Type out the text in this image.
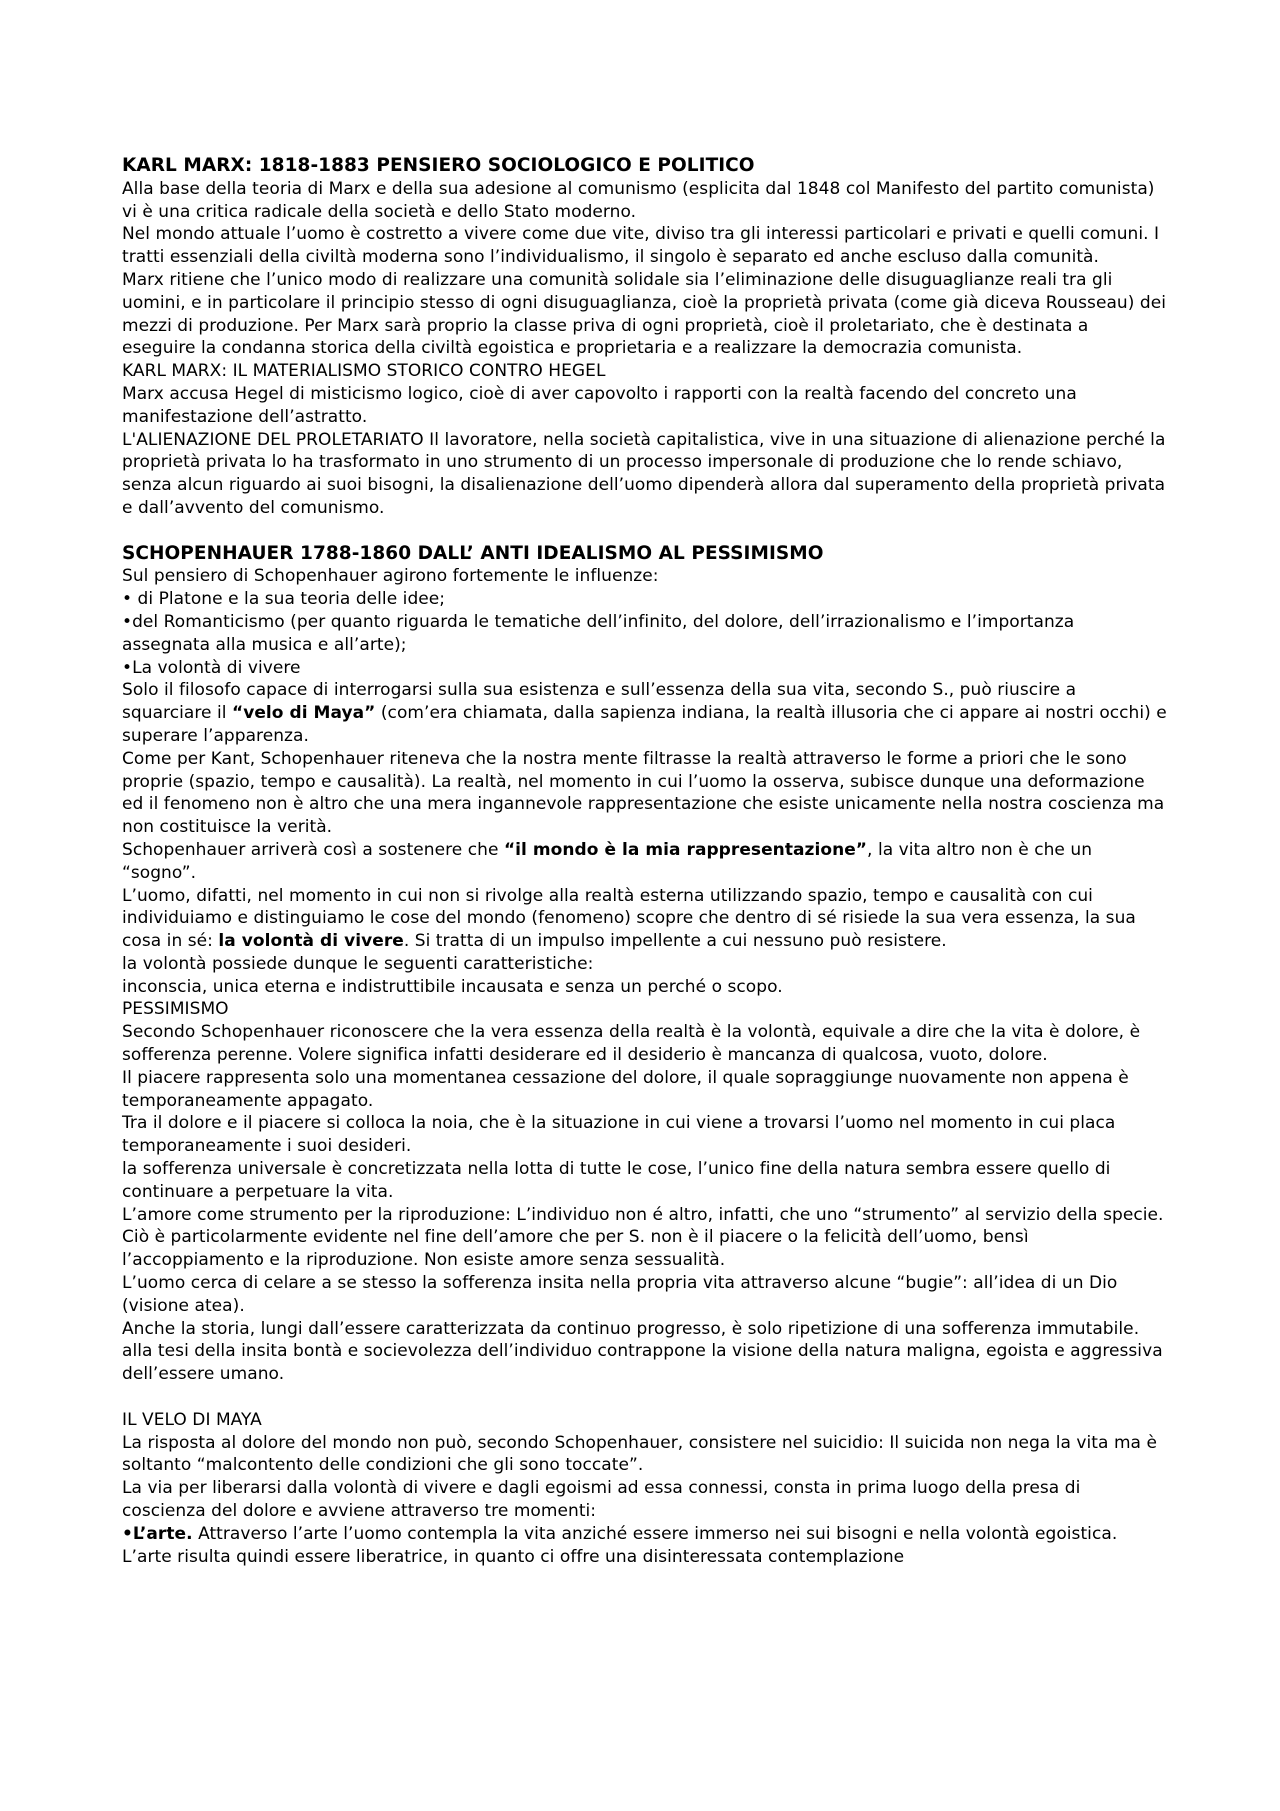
KARL MARX: 1818-1883 PENSIERO SOCIOLOGICO E POLITICO

Alla base della teoria di Marx e della sua adesione al comunismo (esplicita dal 1848 col Manifesto del partito comunista) vi è una critica radicale della società e dello Stato moderno.

Nel mondo attuale l’uomo è costretto a vivere come due vite, diviso tra gli interessi particolari e privati e quelli comuni. I tratti essenziali della civiltà moderna sono l’individualismo, il singolo è separato ed anche escluso dalla comunità.

Marx ritiene che l’unico modo di realizzare una comunità solidale sia l’eliminazione delle disuguaglianze reali tra gli uomini, e in particolare il principio stesso di ogni disuguaglianza, cioè la proprietà privata (come già diceva Rousseau) dei mezzi di produzione. Per Marx sarà proprio la classe priva di ogni proprietà, cioè il proletariato, che è destinata a eseguire la condanna storica della civiltà egoistica e proprietaria e a realizzare la democrazia comunista.

KARL MARX: IL MATERIALISMO STORICO CONTRO HEGEL

Marx accusa Hegel di misticismo logico, cioè di aver capovolto i rapporti con la realtà facendo del concreto una manifestazione dell’astratto.

L'ALIENAZIONE DEL PROLETARIATO Il lavoratore, nella società capitalistica, vive in una situazione di alienazione perché la proprietà privata lo ha trasformato in uno strumento di un processo impersonale di produzione che lo rende schiavo, senza alcun riguardo ai suoi bisogni, la disalienazione dell’uomo dipenderà allora dal superamento della proprietà privata e dall’avvento del comunismo.

SCHOPENHAUER 1788-1860 DALL’ ANTI IDEALISMO AL PESSIMISMO

Sul pensiero di Schopenhauer agirono fortemente le influenze:

• di Platone e la sua teoria delle idee;

•del Romanticismo (per quanto riguarda le tematiche dell’infinito, del dolore, dell’irrazionalismo e l’importanza assegnata alla musica e all’arte);

•La volontà di vivere

Solo il filosofo capace di interrogarsi sulla sua esistenza e sull’essenza della sua vita, secondo S., può riuscire a squarciare il “velo di Maya” (com’era chiamata, dalla sapienza indiana, la realtà illusoria che ci appare ai nostri occhi) e superare l’apparenza.

Come per Kant, Schopenhauer riteneva che la nostra mente filtrasse la realtà attraverso le forme a priori che le sono proprie (spazio, tempo e causalità). La realtà, nel momento in cui l’uomo la osserva, subisce dunque una deformazione ed il fenomeno non è altro che una mera ingannevole rappresentazione che esiste unicamente nella nostra coscienza ma non costituisce la verità.

Schopenhauer arriverà così a sostenere che “il mondo è la mia rappresentazione”, la vita altro non è che un “sogno”.

L’uomo, difatti, nel momento in cui non si rivolge alla realtà esterna utilizzando spazio, tempo e causalità con cui individuiamo e distinguiamo le cose del mondo (fenomeno) scopre che dentro di sé risiede la sua vera essenza, la sua cosa in sé: la volontà di vivere. Si tratta di un impulso impellente a cui nessuno può resistere.

la volontà possiede dunque le seguenti caratteristiche:

inconscia, unica eterna e indistruttibile incausata e senza un perché o scopo.

PESSIMISMO

Secondo Schopenhauer riconoscere che la vera essenza della realtà è la volontà, equivale a dire che la vita è dolore, è sofferenza perenne. Volere significa infatti desiderare ed il desiderio è mancanza di qualcosa, vuoto, dolore.

Il piacere rappresenta solo una momentanea cessazione del dolore, il quale sopraggiunge nuovamente non appena è temporaneamente appagato.

Tra il dolore e il piacere si colloca la noia, che è la situazione in cui viene a trovarsi l’uomo nel momento in cui placa temporaneamente i suoi desideri.

la sofferenza universale è concretizzata nella lotta di tutte le cose, l’unico fine della natura sembra essere quello di continuare a perpetuare la vita.

L’amore come strumento per la riproduzione: L’individuo non é altro, infatti, che uno “strumento” al servizio della specie. Ciò è particolarmente evidente nel fine dell’amore che per S. non è il piacere o la felicità dell’uomo, bensì l’accoppiamento e la riproduzione. Non esiste amore senza sessualità.

L’uomo cerca di celare a se stesso la sofferenza insita nella propria vita attraverso alcune “bugie”: all’idea di un Dio (visione atea).

Anche la storia, lungi dall’essere caratterizzata da continuo progresso, è solo ripetizione di una sofferenza immutabile.

alla tesi della insita bontà e socievolezza dell’individuo contrappone la visione della natura maligna, egoista e aggressiva dell’essere umano.

IL VELO DI MAYA

La risposta al dolore del mondo non può, secondo Schopenhauer, consistere nel suicidio: Il suicida non nega la vita ma è soltanto “malcontento delle condizioni che gli sono toccate”.

La via per liberarsi dalla volontà di vivere e dagli egoismi ad essa connessi, consta in prima luogo della presa di coscienza del dolore e avviene attraverso tre momenti:

•L’arte. Attraverso l’arte l’uomo contempla la vita anziché essere immerso nei sui bisogni e nella volontà egoistica. L’arte risulta quindi essere liberatrice, in quanto ci offre una disinteressata contemplazione
